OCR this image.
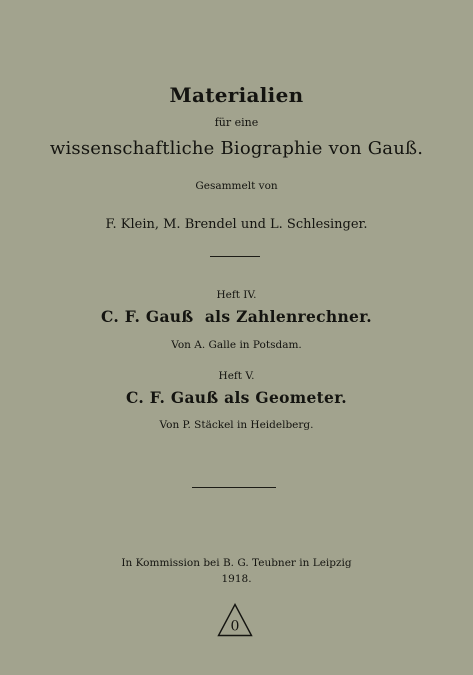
Materialien
für eine
wissenschaftliche Biographie von Gauß.
Gesammelt von
F. Klein, M. Brendel und L. Schlesinger.
Heft IV.
C. F. Gauß  als Zahlenrechner.
Von A. Galle in Potsdam.
Heft V.
C. F. Gauß als Geometer.
Von P. Stäckel in Heidelberg.
In Kommission bei B. G. Teubner in Leipzig
1918.
0
